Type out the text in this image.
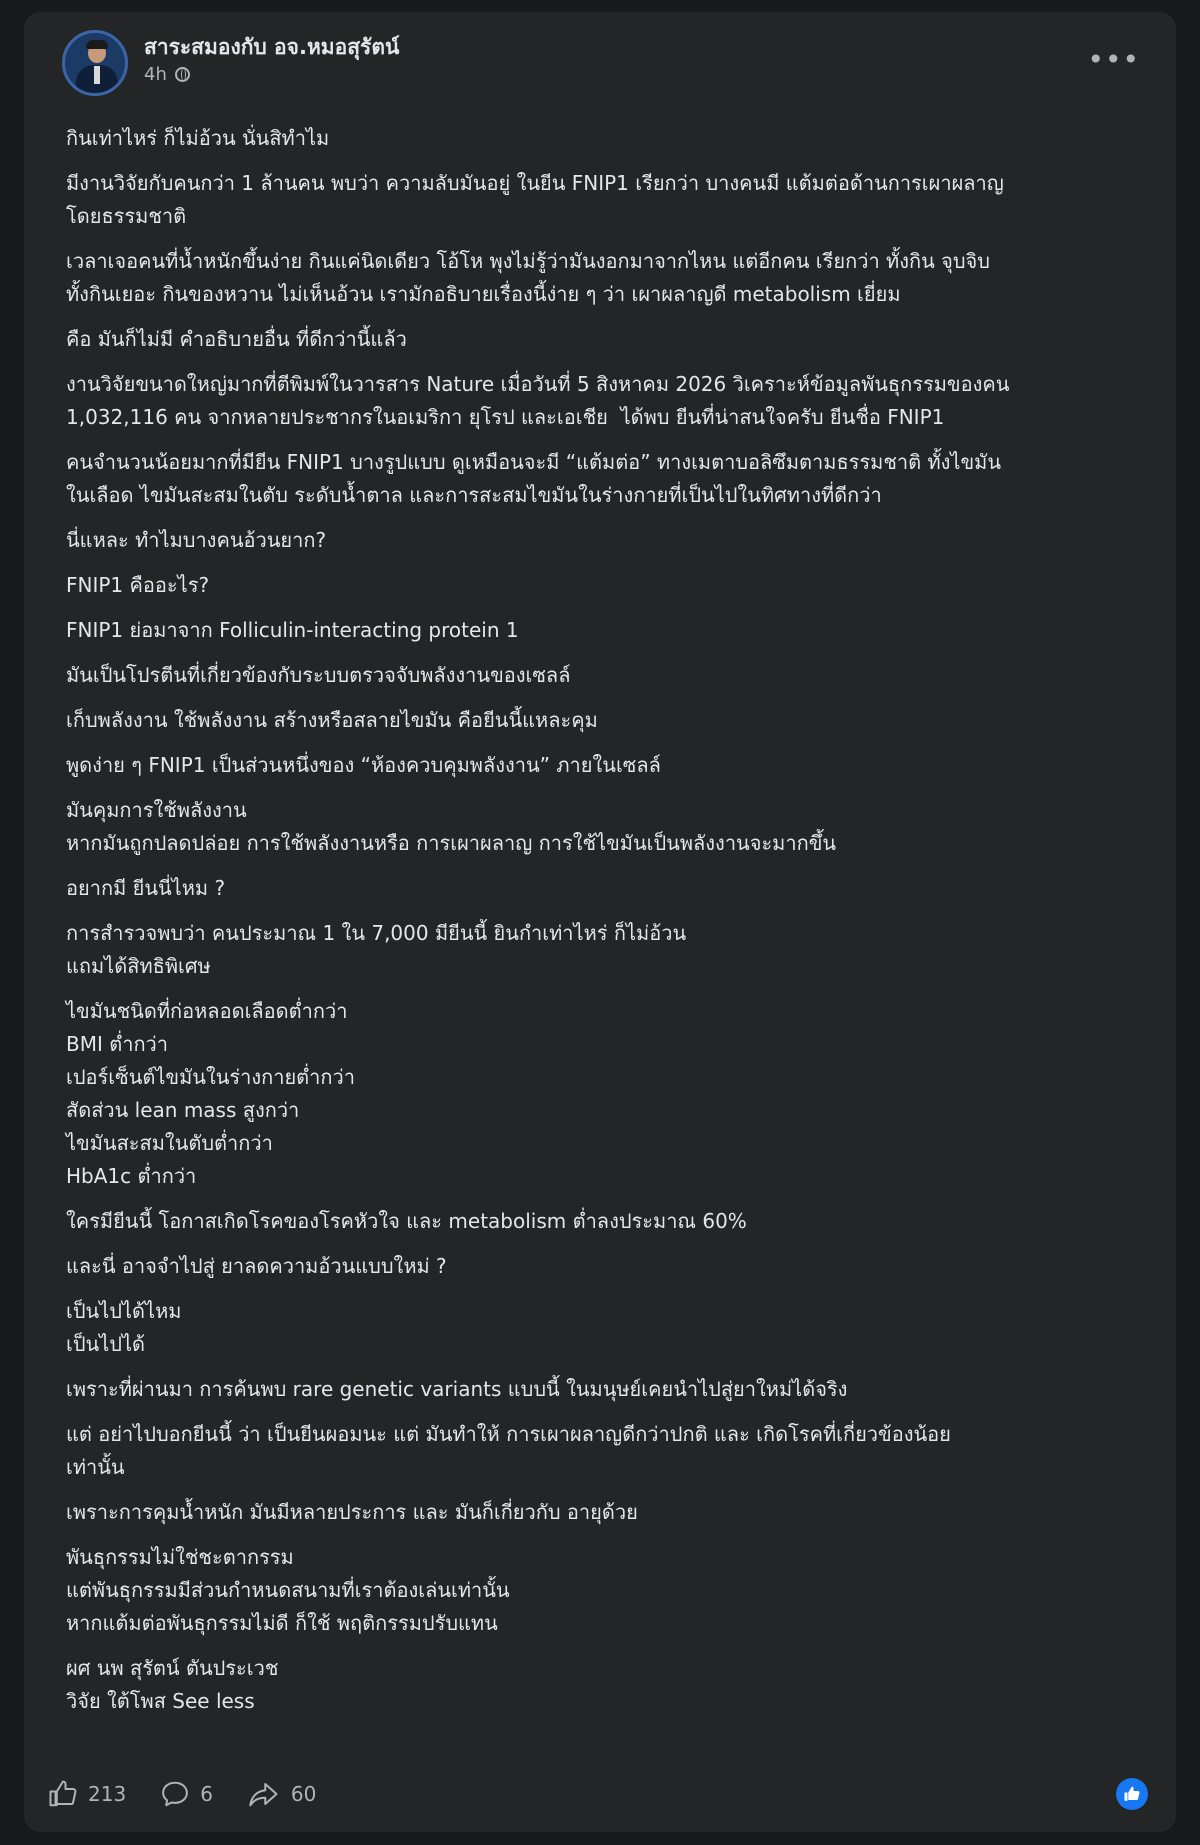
สาระสมองกับ อจ.หมอสุรัตน์
4h	•••
กินเท่าไหร่ ก็ไม่อ้วน นั่นสิทำไม
มีงานวิจัยกับคนกว่า 1 ล้านคน พบว่า ความลับมันอยู่ ในยีน FNIP1 เรียกว่า บางคนมี แต้มต่อด้านการเผาผลาญ
โดยธรรมชาติ
เวลาเจอคนที่น้ำหนักขึ้นง่าย กินแค่นิดเดียว โอ้โห พุงไม่รู้ว่ามันงอกมาจากไหน แต่อีกคน เรียกว่า ทั้งกิน จุบจิบ
ทั้งกินเยอะ กินของหวาน ไม่เห็นอ้วน เรามักอธิบายเรื่องนี้ง่าย ๆ ว่า เผาผลาญดี metabolism เยี่ยม
คือ มันก็ไม่มี คำอธิบายอื่น ที่ดีกว่านี้แล้ว
งานวิจัยขนาดใหญ่มากที่ตีพิมพ์ในวารสาร Nature เมื่อวันที่ 5 สิงหาคม 2026 วิเคราะห์ข้อมูลพันธุกรรมของคน
1,032,116 คน จากหลายประชากรในอเมริกา ยุโรป และเอเชีย  ได้พบ ยีนที่น่าสนใจครับ ยีนชื่อ FNIP1
คนจำนวนน้อยมากที่มียีน FNIP1 บางรูปแบบ ดูเหมือนจะมี “แต้มต่อ” ทางเมตาบอลิซึมตามธรรมชาติ ทั้งไขมัน
ในเลือด ไขมันสะสมในตับ ระดับน้ำตาล และการสะสมไขมันในร่างกายที่เป็นไปในทิศทางที่ดีกว่า
นี่แหละ ทำไมบางคนอ้วนยาก?
FNIP1 คืออะไร?
FNIP1 ย่อมาจาก Folliculin-interacting protein 1
มันเป็นโปรตีนที่เกี่ยวข้องกับระบบตรวจจับพลังงานของเซลล์
เก็บพลังงาน ใช้พลังงาน สร้างหรือสลายไขมัน คือยีนนี้แหละคุม
พูดง่าย ๆ FNIP1 เป็นส่วนหนึ่งของ “ห้องควบคุมพลังงาน” ภายในเซลล์
มันคุมการใช้พลังงาน
หากมันถูกปลดปล่อย การใช้พลังงานหรือ การเผาผลาญ การใช้ไขมันเป็นพลังงานจะมากขึ้น
อยากมี ยีนนี่ไหม ?
การสำรวจพบว่า คนประมาณ 1 ใน 7,000 มียีนนี้ ยินกำเท่าไหร่ ก็ไม่อ้วน
แถมได้สิทธิพิเศษ
ไขมันชนิดที่ก่อหลอดเลือดต่ำกว่า
BMI ต่ำกว่า
เปอร์เซ็นต์ไขมันในร่างกายต่ำกว่า
สัดส่วน lean mass สูงกว่า
ไขมันสะสมในตับต่ำกว่า
HbA1c ต่ำกว่า
ใครมียีนนี้ โอกาสเกิดโรคของโรคหัวใจ และ metabolism ต่ำลงประมาณ 60%
และนี่ อาจจำไปสู่ ยาลดความอ้วนแบบใหม่ ?
เป็นไปได้ไหม
เป็นไปได้
เพราะที่ผ่านมา การค้นพบ rare genetic variants แบบนี้ ในมนุษย์เคยนำไปสู่ยาใหม่ได้จริง
แต่ อย่าไปบอกยีนนี้ ว่า เป็นยีนผอมนะ แต่ มันทำให้ การเผาผลาญดีกว่าปกติ และ เกิดโรคที่เกี่ยวข้องน้อย
เท่านั้น
เพราะการคุมน้ำหนัก มันมีหลายประการ และ มันก็เกี่ยวกับ อายุด้วย
พันธุกรรมไม่ใช่ชะตากรรม
แต่พันธุกรรมมีส่วนกำหนดสนามที่เราต้องเล่นเท่านั้น
หากแต้มต่อพันธุกรรมไม่ดี ก็ใช้ พฤติกรรมปรับแทน
ผศ นพ สุรัตน์ ตันประเวช
วิจัย ใต้โพส See less
213	6	60
